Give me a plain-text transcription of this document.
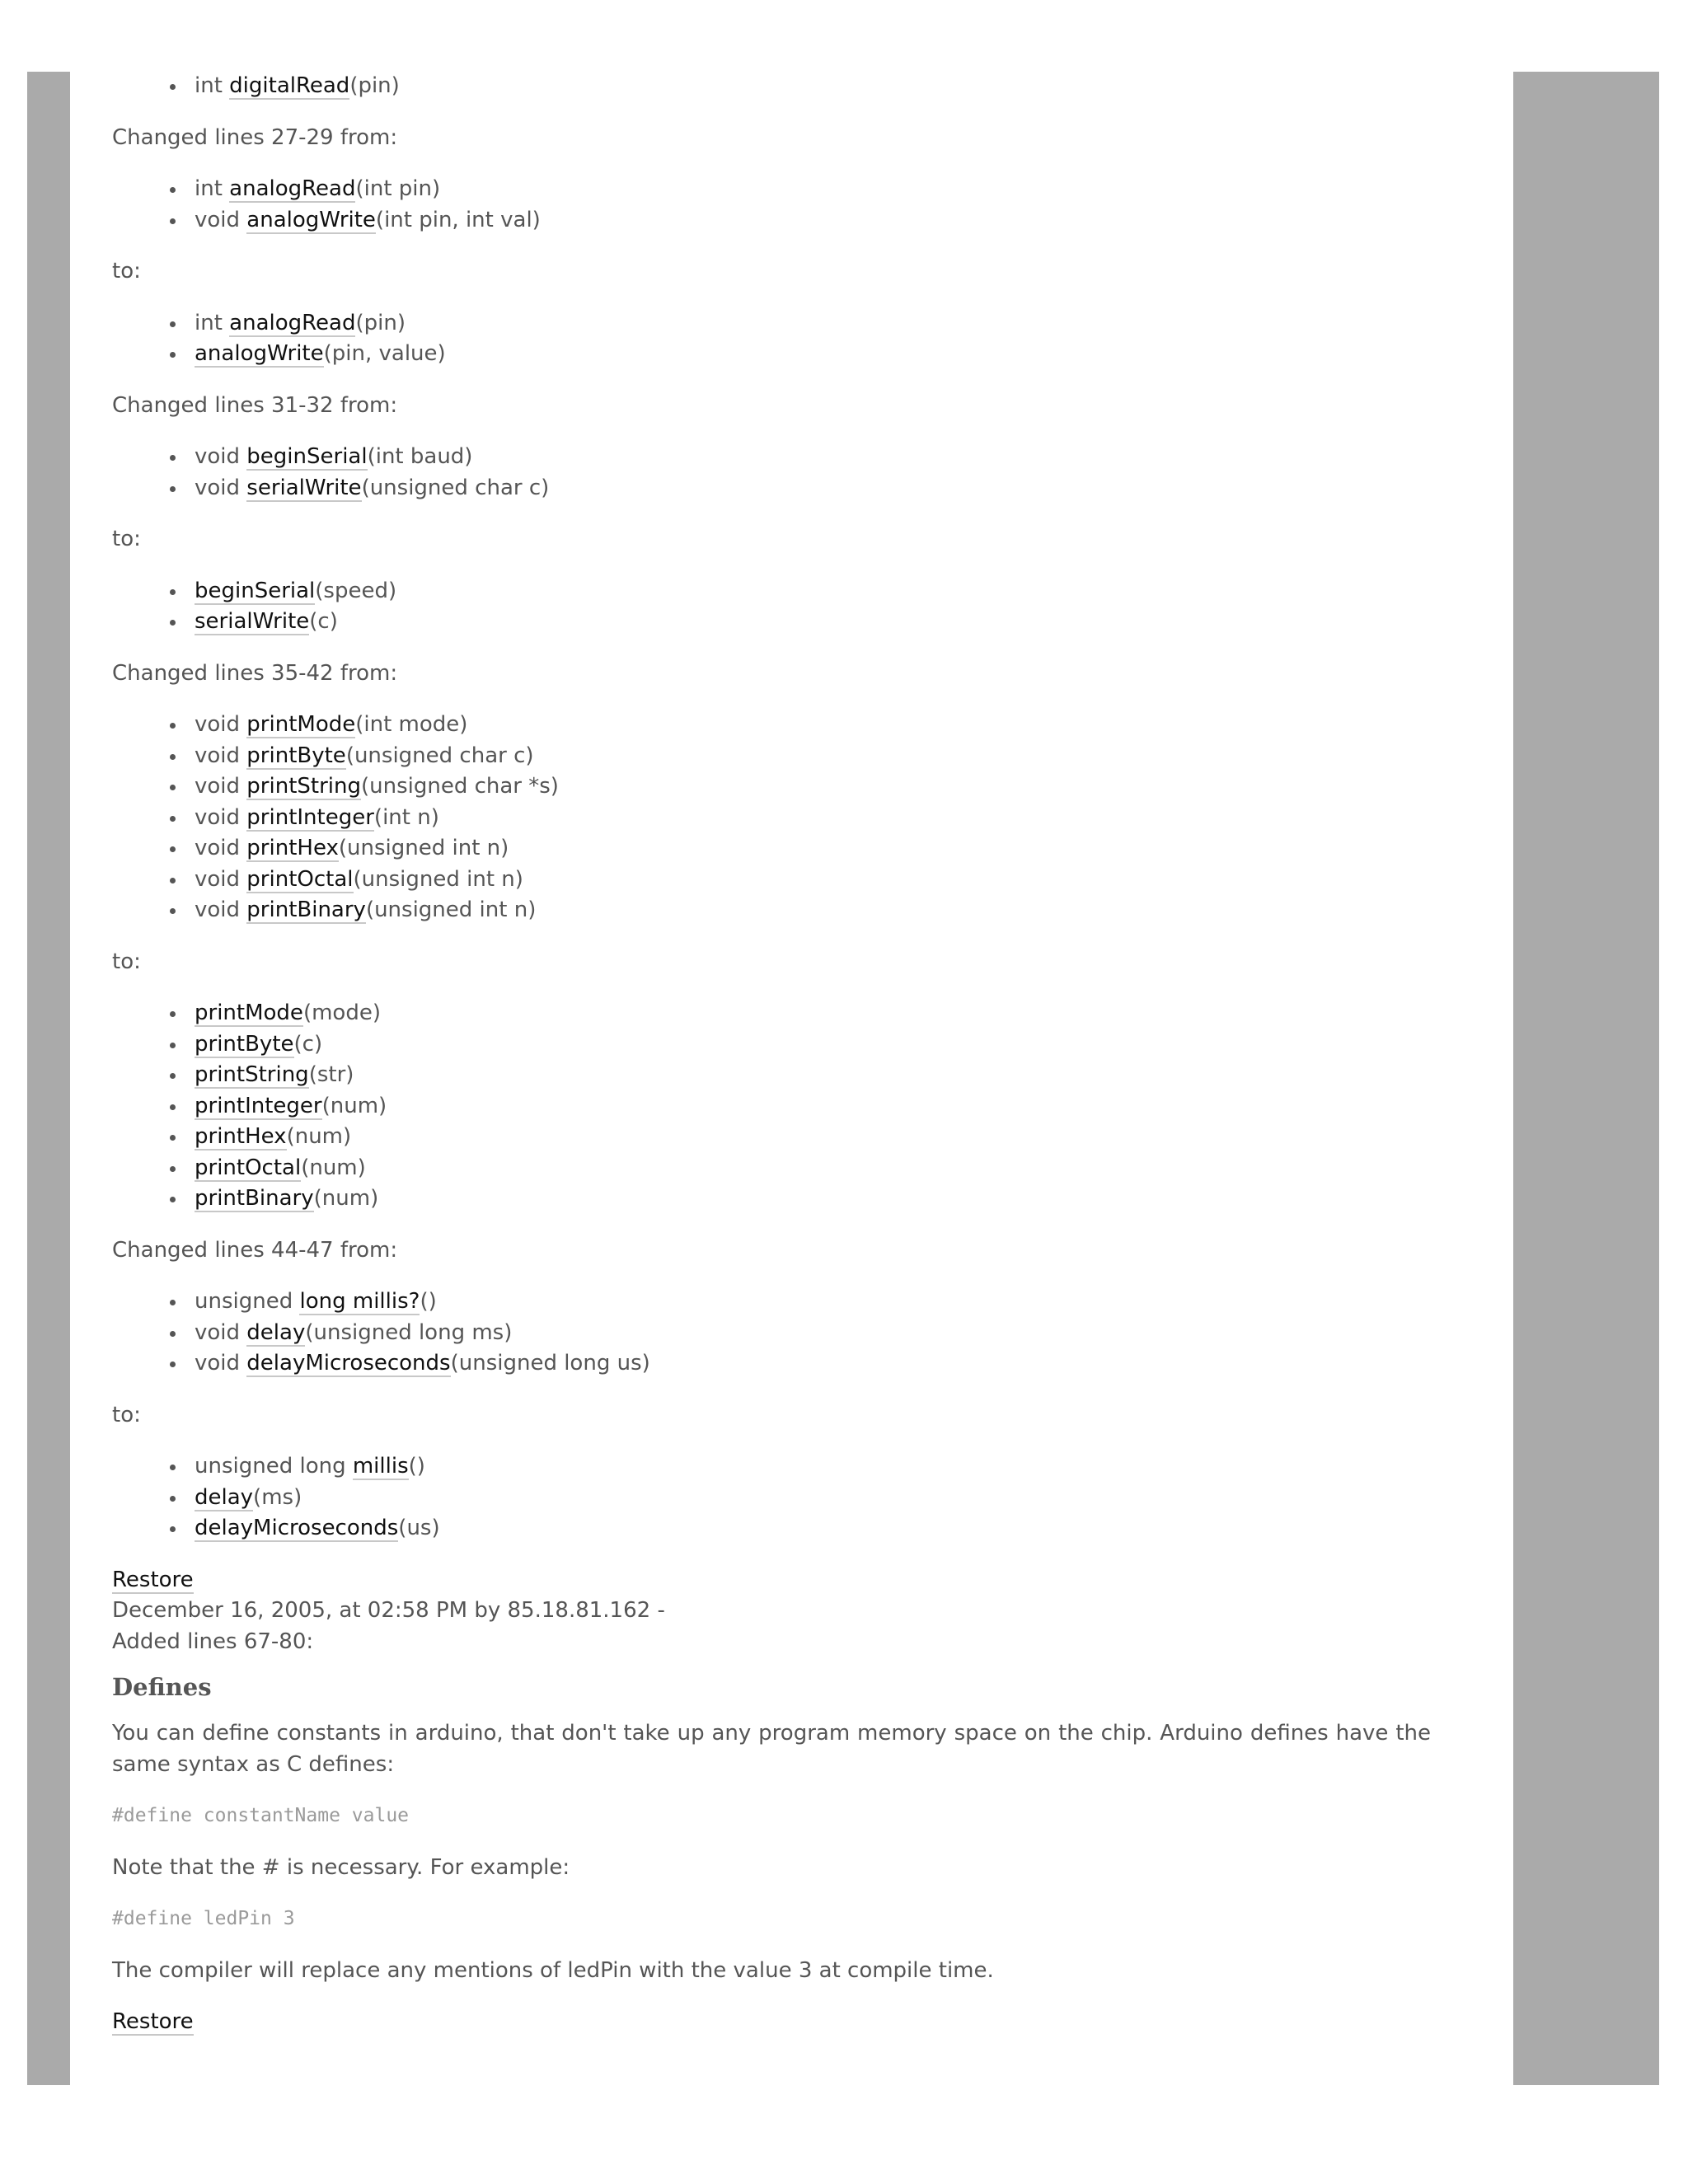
int digitalRead(pin)

Changed lines 27-29 from:

int analogRead(int pin)
void analogWrite(int pin, int val)

to:

int analogRead(pin)
analogWrite(pin, value)

Changed lines 31-32 from:

void beginSerial(int baud)
void serialWrite(unsigned char c)

to:

beginSerial(speed)
serialWrite(c)

Changed lines 35-42 from:

void printMode(int mode)
void printByte(unsigned char c)
void printString(unsigned char *s)
void printInteger(int n)
void printHex(unsigned int n)
void printOctal(unsigned int n)
void printBinary(unsigned int n)

to:

printMode(mode)
printByte(c)
printString(str)
printInteger(num)
printHex(num)
printOctal(num)
printBinary(num)

Changed lines 44-47 from:

unsigned long millis?()
void delay(unsigned long ms)
void delayMicroseconds(unsigned long us)

to:

unsigned long millis()
delay(ms)
delayMicroseconds(us)
Restore
December 16, 2005, at 02:58 PM by 85.18.81.162 -
Added lines 67-80:
Defines

You can define constants in arduino, that don't take up any program memory space on the chip. Arduino defines have the same syntax as C defines:

#define constantName value

Note that the # is necessary. For example:

#define ledPin 3

The compiler will replace any mentions of ledPin with the value 3 at compile time.

Restore
